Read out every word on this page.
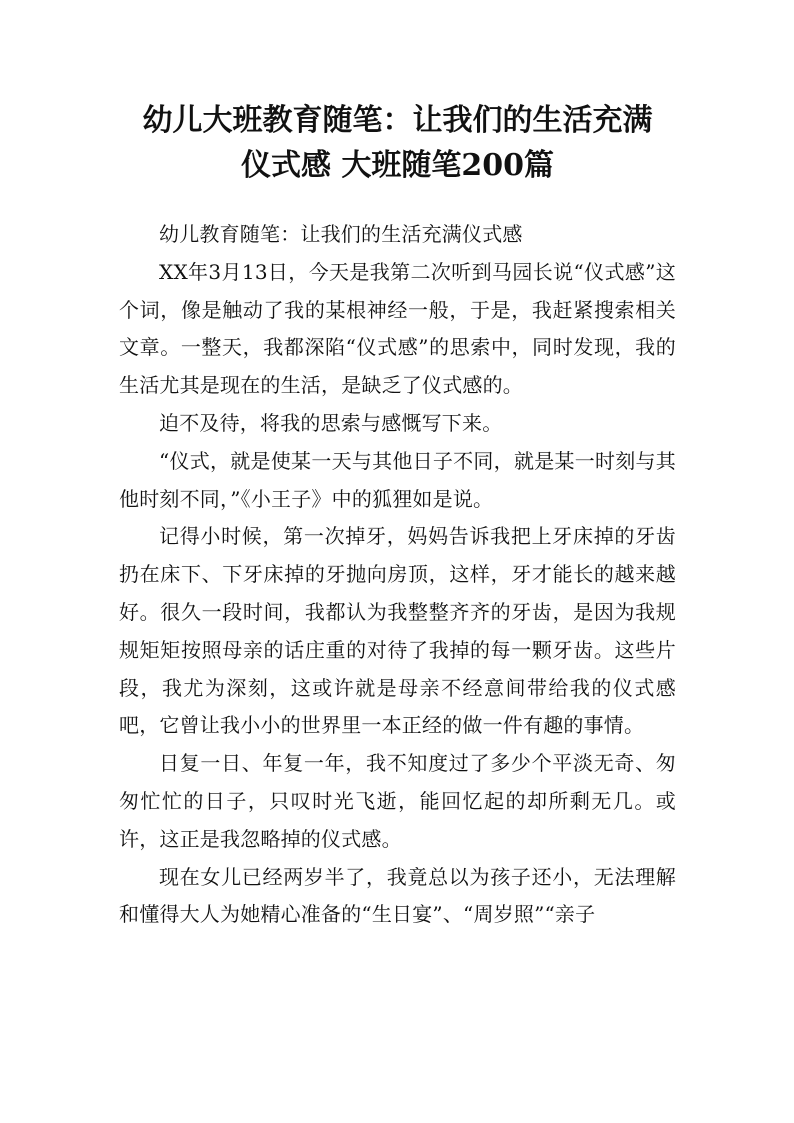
幼儿大班教育随笔：让我们的生活充满
仪式感 大班随笔200篇

幼儿教育随笔：让我们的生活充满仪式感

XX年3月13日，今天是我第二次听到马园长说“仪式感”这个词，像是触动了我的某根神经一般，于是，我赶紧搜索相关文章。一整天，我都深陷“仪式感”的思索中，同时发现，我的生活尤其是现在的生活，是缺乏了仪式感的。

迫不及待，将我的思索与感慨写下来。

“仪式，就是使某一天与其他日子不同，就是某一时刻与其他时刻不同，”《小王子》中的狐狸如是说。

记得小时候，第一次掉牙，妈妈告诉我把上牙床掉的牙齿扔在床下、下牙床掉的牙抛向房顶，这样，牙才能长的越来越好。很久一段时间，我都认为我整整齐齐的牙齿，是因为我规规矩矩按照母亲的话庄重的对待了我掉的每一颗牙齿。这些片段，我尤为深刻，这或许就是母亲不经意间带给我的仪式感吧，它曾让我小小的世界里一本正经的做一件有趣的事情。

日复一日、年复一年，我不知度过了多少个平淡无奇、匆匆忙忙的日子，只叹时光飞逝，能回忆起的却所剩无几。或许，这正是我忽略掉的仪式感。

现在女儿已经两岁半了，我竟总以为孩子还小，无法理解和懂得大人为她精心准备的“生日宴”、“周岁照”“亲子
